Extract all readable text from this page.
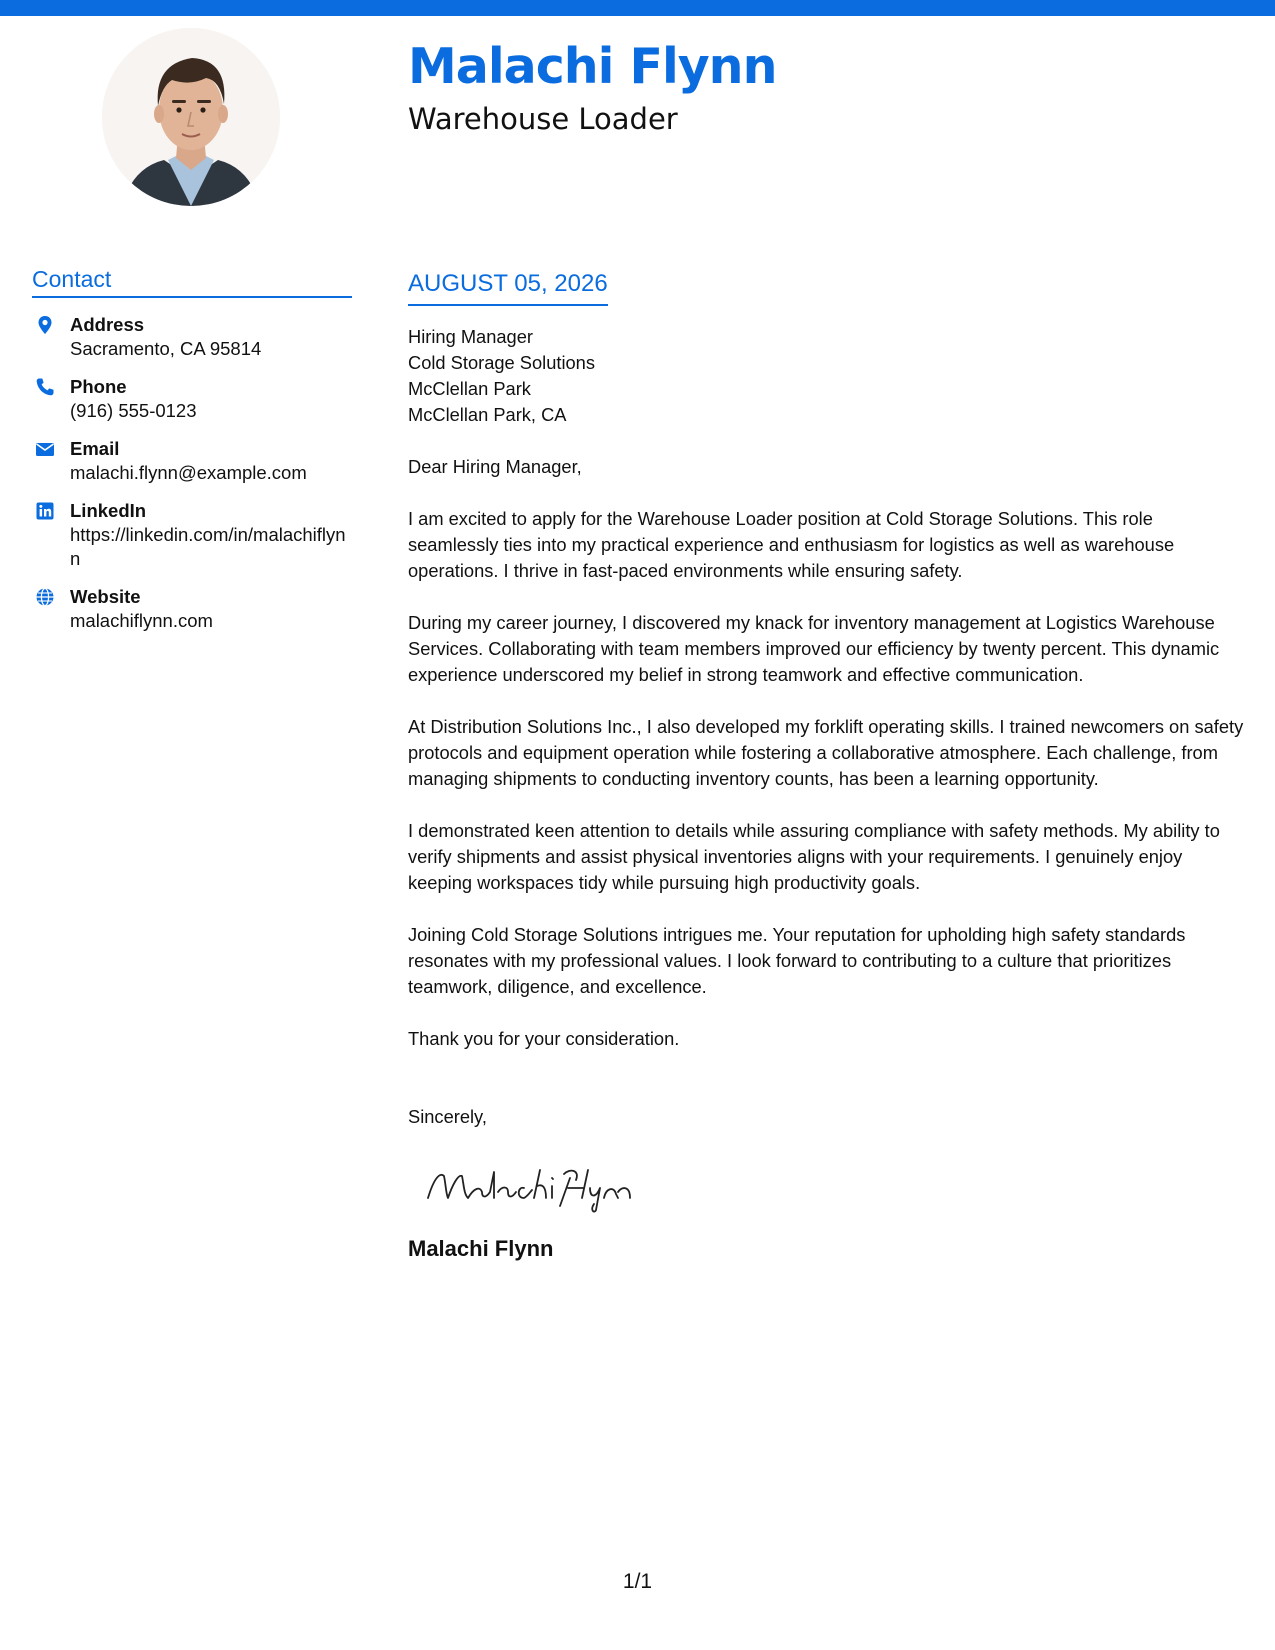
Malachi Flynn
Warehouse Loader
Contact
Address
Sacramento, CA 95814
Phone
(916) 555-0123
Email
malachi.flynn@example.com
LinkedIn
https://linkedin.com/in/malachiflynn
Website
malachiflynn.com
AUGUST 05, 2026
Hiring Manager
Cold Storage Solutions
McClellan Park
McClellan Park, CA
Dear Hiring Manager,

I am excited to apply for the Warehouse Loader position at Cold Storage Solutions. This role seamlessly ties into my practical experience and enthusiasm for logistics as well as warehouse operations. I thrive in fast-paced environments while ensuring safety.

During my career journey, I discovered my knack for inventory management at Logistics Warehouse Services. Collaborating with team members improved our efficiency by twenty percent. This dynamic experience underscored my belief in strong teamwork and effective communication.

At Distribution Solutions Inc., I also developed my forklift operating skills. I trained newcomers on safety protocols and equipment operation while fostering a collaborative atmosphere. Each challenge, from managing shipments to conducting inventory counts, has been a learning opportunity.

I demonstrated keen attention to details while assuring compliance with safety methods. My ability to verify shipments and assist physical inventories aligns with your requirements. I genuinely enjoy keeping workspaces tidy while pursuing high productivity goals.

Joining Cold Storage Solutions intrigues me. Your reputation for upholding high safety standards resonates with my professional values. I look forward to contributing to a culture that prioritizes teamwork, diligence, and excellence.

Thank you for your consideration.

Sincerely,
Malachi Flynn
1/1
